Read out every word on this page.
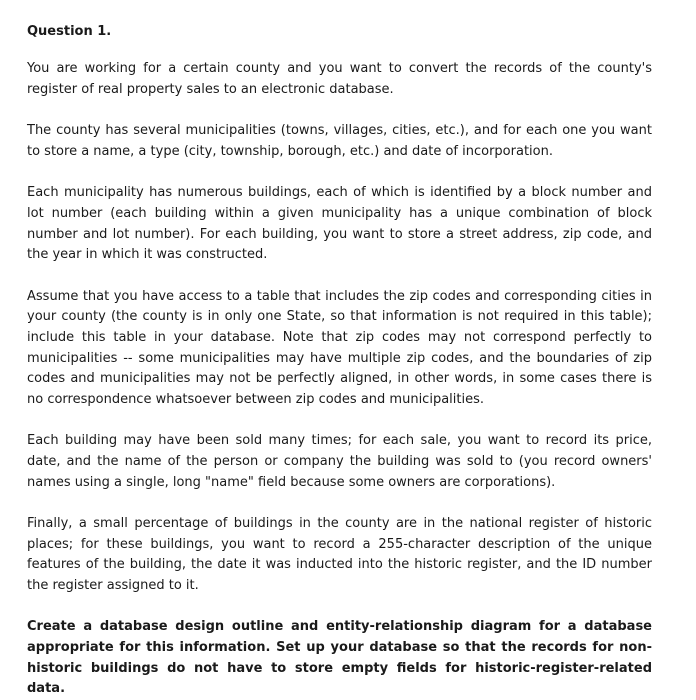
Question 1.

You are working for a certain county and you want to convert the records of the county's register of real property sales to an electronic database.

The county has several municipalities (towns, villages, cities, etc.), and for each one you want to store a name, a type (city, township, borough, etc.) and date of incorporation.

Each municipality has numerous buildings, each of which is identified by a block number and lot number (each building within a given municipality has a unique combination of block number and lot number). For each building, you want to store a street address, zip code, and the year in which it was constructed.

Assume that you have access to a table that includes the zip codes and corresponding cities in your county (the county is in only one State, so that information is not required in this table); include this table in your database. Note that zip codes may not correspond perfectly to municipalities -- some municipalities may have multiple zip codes, and the boundaries of zip codes and municipalities may not be perfectly aligned, in other words, in some cases there is no correspondence whatsoever between zip codes and municipalities.

Each building may have been sold many times; for each sale, you want to record its price, date, and the name of the person or company the building was sold to (you record owners' names using a single, long "name" field because some owners are corporations).

Finally, a small percentage of buildings in the county are in the national register of historic places; for these buildings, you want to record a 255-character description of the unique features of the building, the date it was inducted into the historic register, and the ID number the register assigned to it.

Create a database design outline and entity-relationship diagram for a database appropriate for this information. Set up your database so that the records for non-historic buildings do not have to store empty fields for historic-register-related data.
